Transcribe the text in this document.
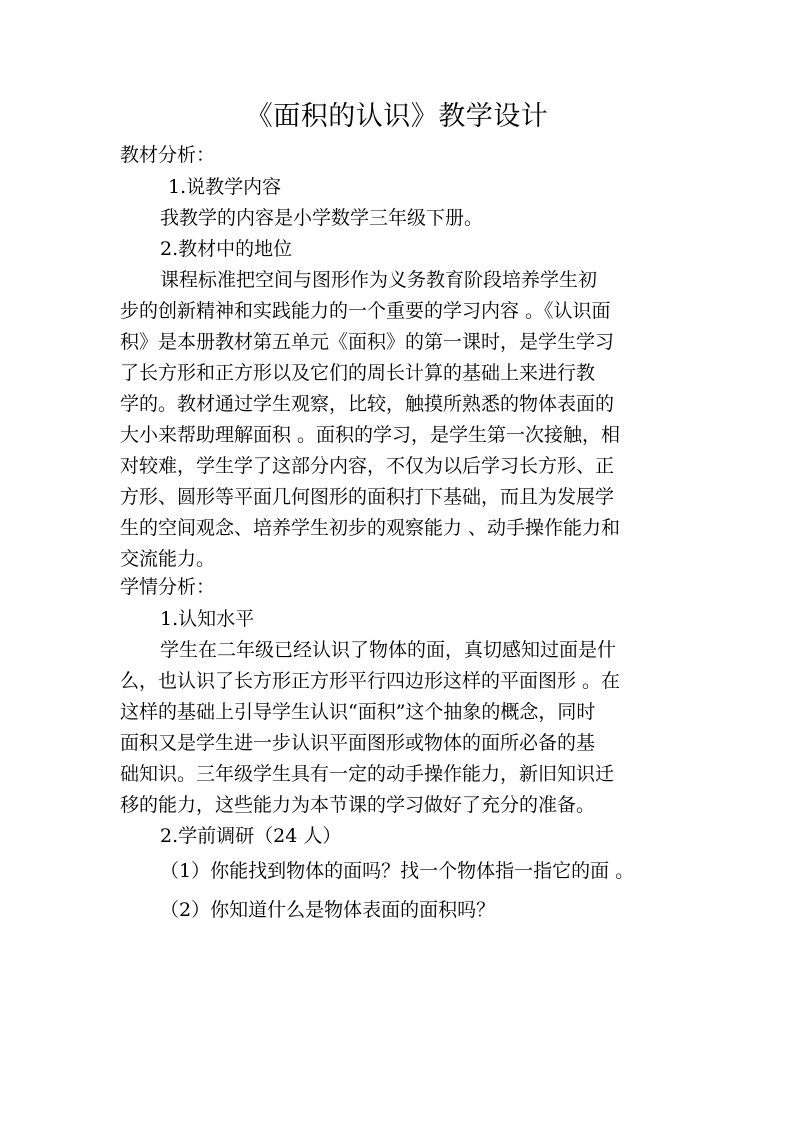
《面积的认识》教学设计
教材分析：
1.说教学内容
我教学的内容是小学数学三年级下册。
2.教材中的地位
课程标准把空间与图形作为义务教育阶段培养学生初
步的创新精神和实践能力的一个重要的学习内容 。《认识面
积》是本册教材第五单元《面积》的第一课时，是学生学习
了长方形和正方形以及它们的周长计算的基础上来进行教
学的。教材通过学生观察，比较，触摸所熟悉的物体表面的
大小来帮助理解面积 。面积的学习，是学生第一次接触，相
对较难，学生学了这部分内容，不仅为以后学习长方形、正
方形、圆形等平面几何图形的面积打下基础，而且为发展学
生的空间观念、培养学生初步的观察能力 、动手操作能力和
交流能力。
学情分析：
1.认知水平
学生在二年级已经认识了物体的面，真切感知过面是什
么，也认识了长方形正方形平行四边形这样的平面图形 。在
这样的基础上引导学生认识“面积”这个抽象的概念，同时
面积又是学生进一步认识平面图形或物体的面所必备的基
础知识。三年级学生具有一定的动手操作能力，新旧知识迁
移的能力，这些能力为本节课的学习做好了充分的准备。
2.学前调研（24 人）
（1）你能找到物体的面吗？找一个物体指一指它的面 。
（2）你知道什么是物体表面的面积吗？
